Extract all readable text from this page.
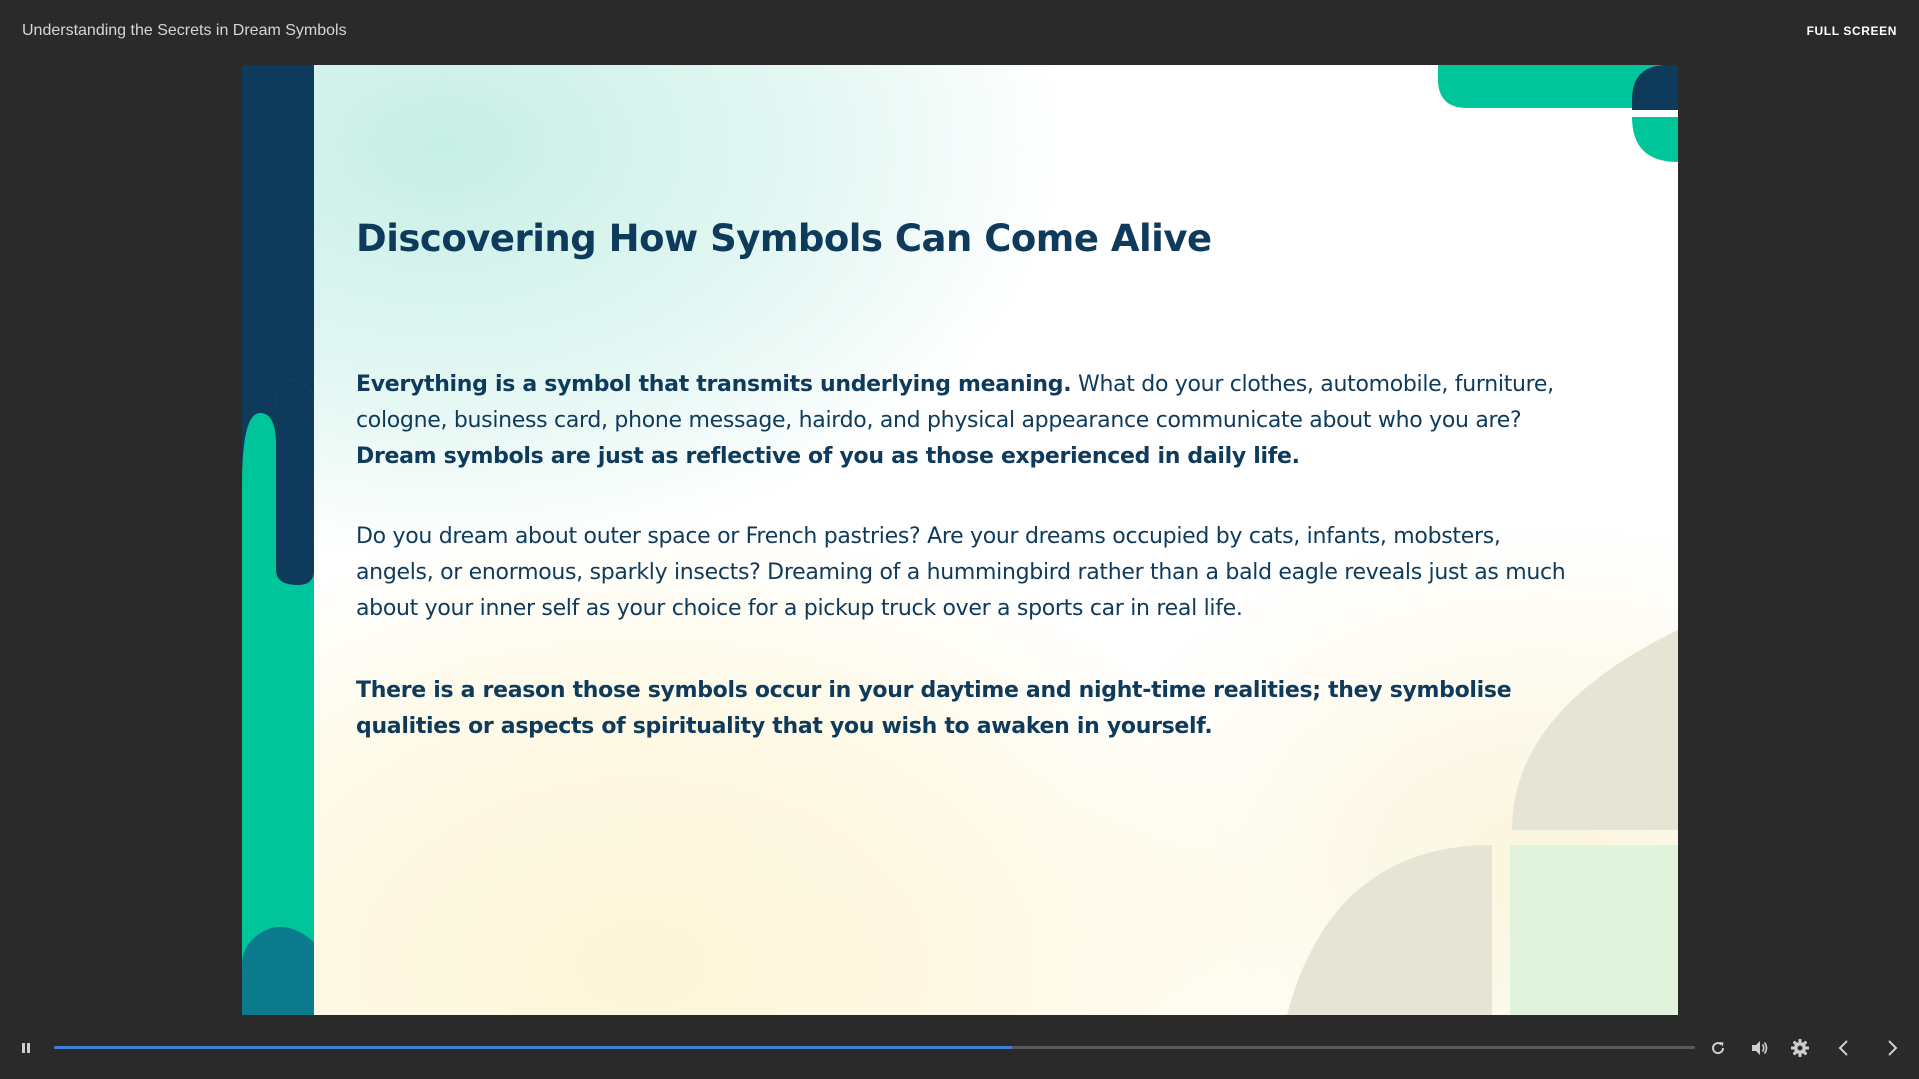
Understanding the Secrets in Dream Symbols	FULL SCREEN
Discovering How Symbols Can Come Alive

Everything is a symbol that transmits underlying meaning. What do your clothes, automobile, furniture, cologne, business card, phone message, hairdo, and physical appearance communicate about who you are? Dream symbols are just as reflective of you as those experienced in daily life.

Do you dream about outer space or French pastries? Are your dreams occupied by cats, infants, mobsters, angels, or enormous, sparkly insects? Dreaming of a hummingbird rather than a bald eagle reveals just as much about your inner self as your choice for a pickup truck over a sports car in real life.

There is a reason those symbols occur in your daytime and night-time realities; they symbolise qualities or aspects of spirituality that you wish to awaken in yourself.
